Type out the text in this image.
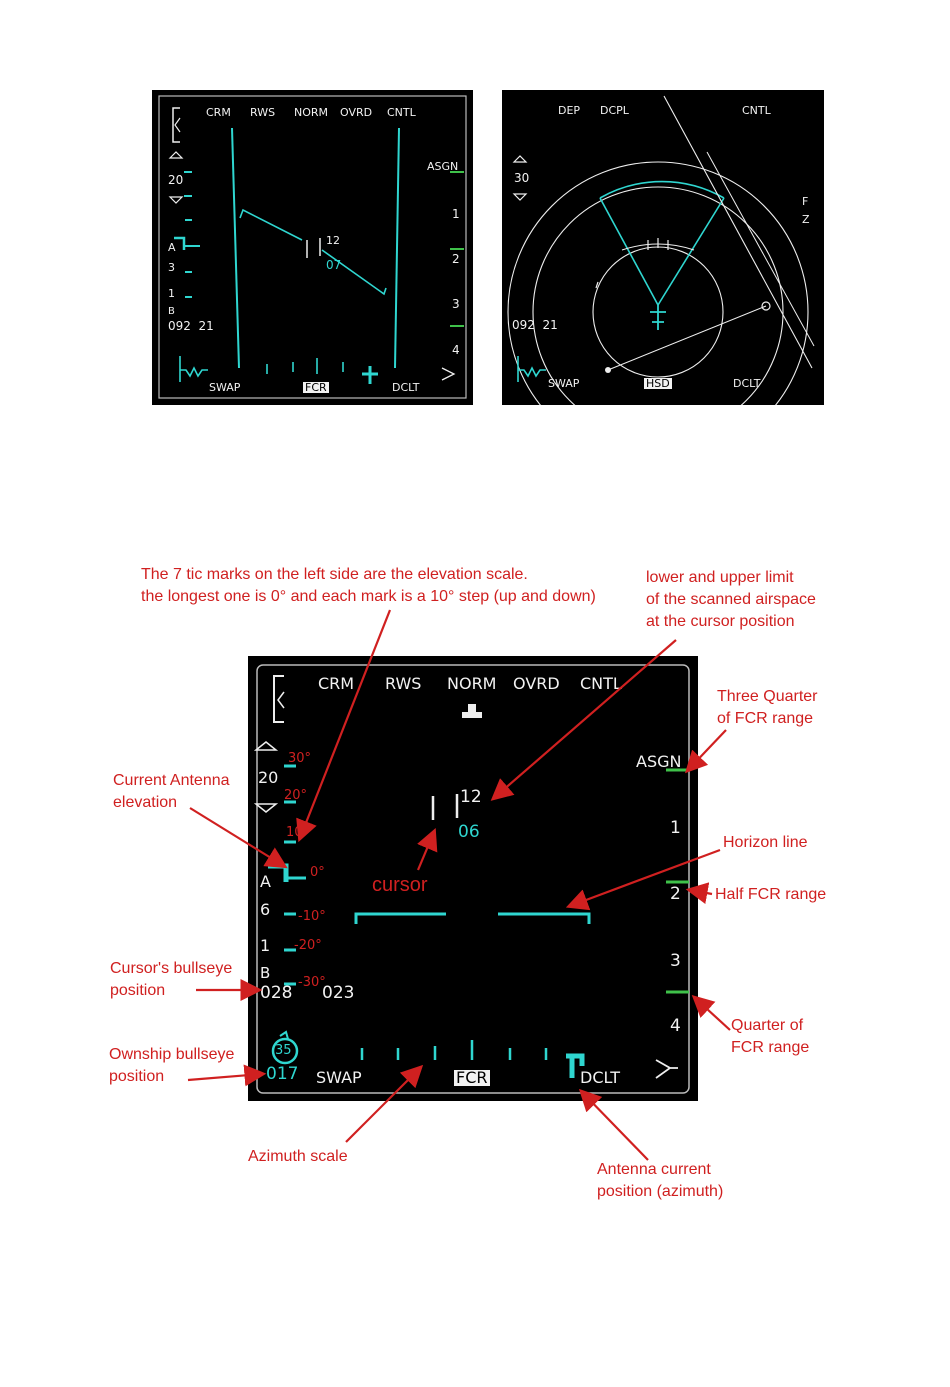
CRM RWS NORM OVRD CNTL
20
A
3
1
B
092  21
12
07
ASGN
1
2
3
4
SWAP	FCR	DCLT
DEP DCPL	CNTL
30
F
Z
092  21
SWAP	HSD	DCLT
CRM RWS NORM OVRD CNTL
20
30°
20°
10°
0°
-10°
-20°
-30°
A
6
1
B
028 023
35
017
12
06
ASGN
1
2
3
4
SWAP	FCR	DCLT
The 7 tic marks on the left side are the elevation scale.
the longest one is 0° and each mark is a 10° step (up and down)
lower and upper limit
of the scanned airspace
at the cursor position
Three Quarter
of FCR range
Current Antenna
elevation
cursor
Horizon line
Half FCR range
Cursor's bullseye
position
Quarter of
FCR range
Ownship bullseye
position
Azimuth scale
Antenna current
position (azimuth)
